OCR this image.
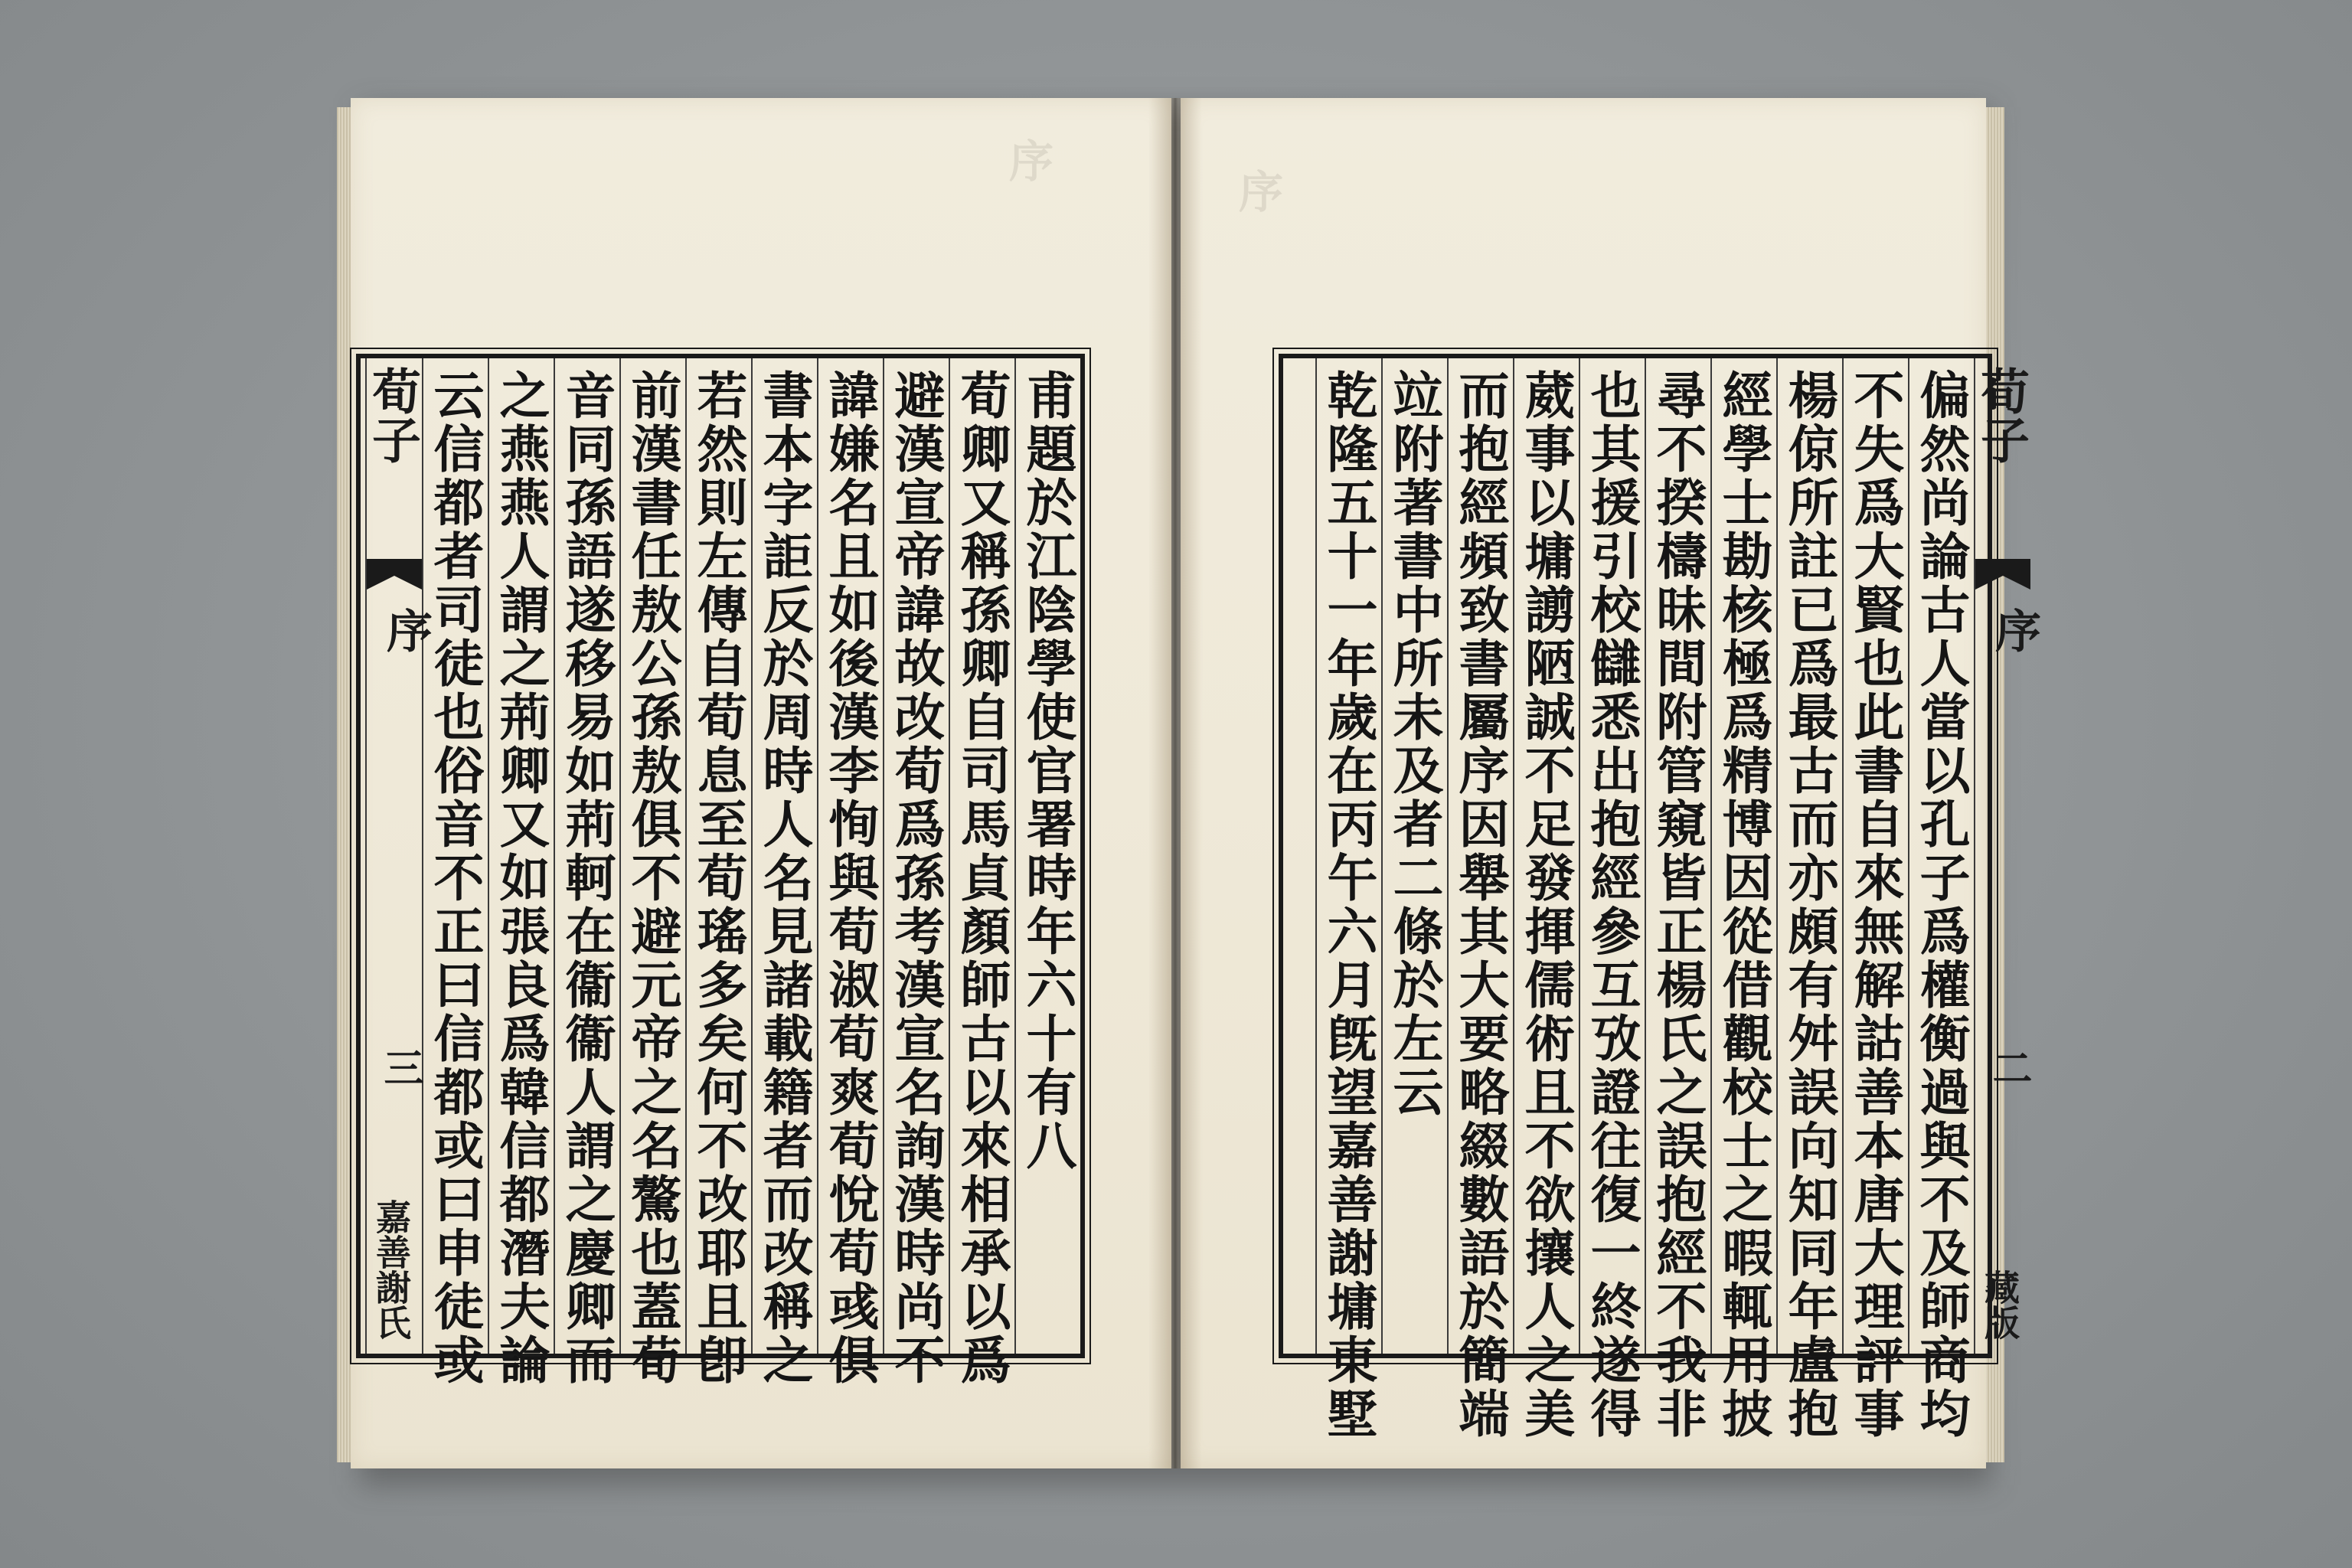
序
序
甫題於江陰學使官署時年六十有八
荀卿又稱孫卿自司馬貞顏師古以來相承以爲
避漢宣帝諱故改荀爲孫考漢宣名詢漢時尚不
諱嫌名且如後漢李恂與荀淑荀爽荀悅荀彧俱
書本字詎反於周時人名見諸載籍者而改稱之
若然則左傳自荀息至荀瑤多矣何不改耶且卽
前漢書任敖公孫敖俱不避元帝之名驁也蓋荀
音同孫語遂移易如荊軻在衞衞人謂之慶卿而
之燕燕人謂之荊卿又如張良爲韓信都潛夫論
云信都者司徒也俗音不正曰信都或曰申徒或
荀子
序
三
嘉善謝氏
荀子
序
二
藏版
偏然尚論古人當以孔子爲權衡過與不及師商均
不失爲大賢也此書自來無解詁善本唐大理評事
楊倞所註已爲最古而亦頗有舛誤向知同年盧抱
經學士勘核極爲精博因從借觀校士之暇輒用披
尋不揆檮昧間附管窺皆正楊氏之誤抱經不我非
也其援引校讎悉出抱經參互攷證往復一終遂得
葳事以墉謭陋誠不足發揮儒術且不欲攘人之美
而抱經頻致書屬序因舉其大要略綴數語於簡端
竝附著書中所未及者二條於左云
乾隆五十一年歲在丙午六月旣望嘉善謝墉東墅
